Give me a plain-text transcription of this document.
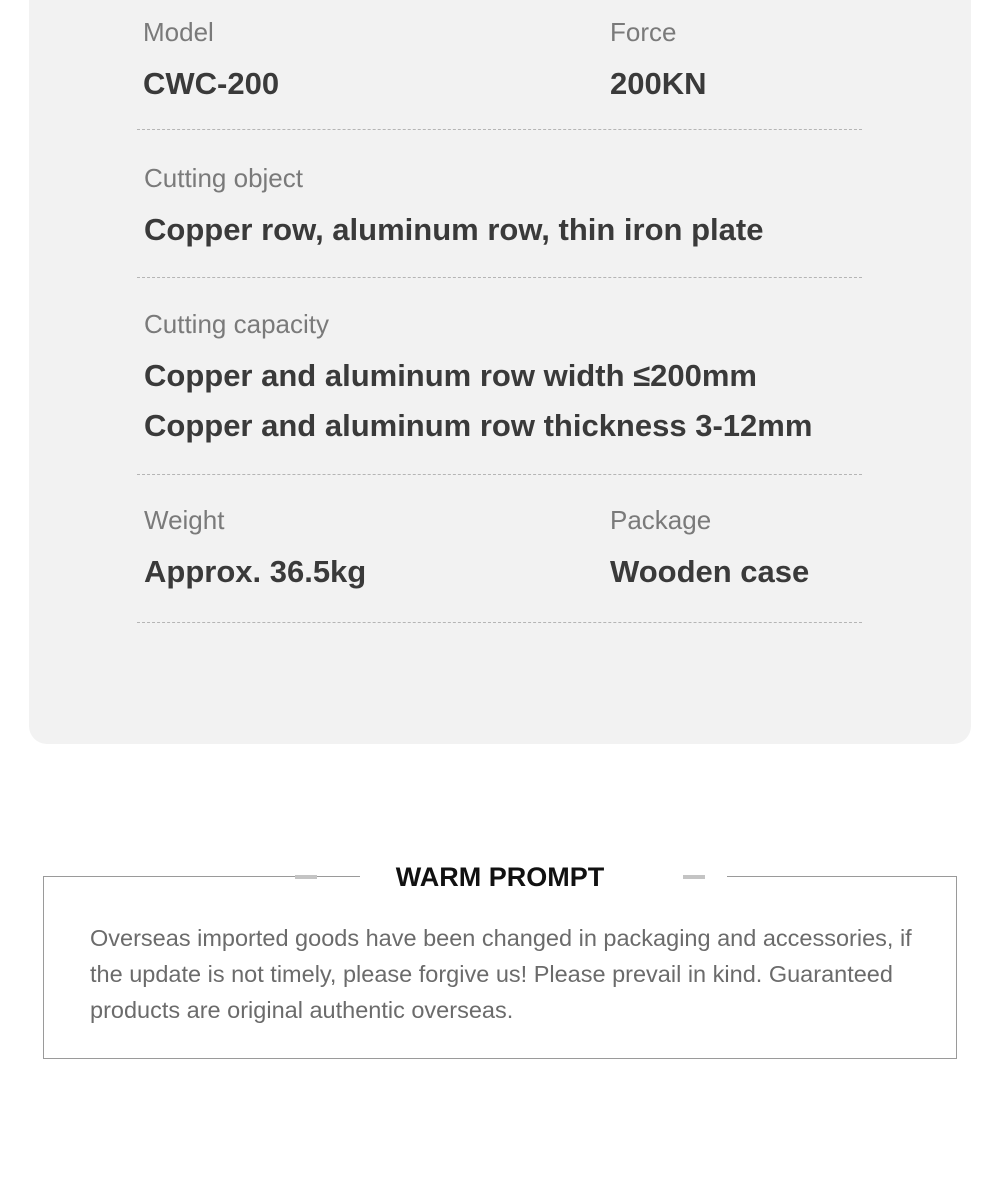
Model
CWC-200
Force
200KN
Cutting object
Copper row, aluminum row, thin iron plate
Cutting capacity
Copper and aluminum row width ≤200mm
Copper and aluminum row thickness 3-12mm
Weight
Approx. 36.5kg
Package
Wooden case
WARM PROMPT

Overseas imported goods have been changed in packaging and accessories, if the update is not timely, please forgive us! Please prevail in kind. Guaranteed products are original authentic overseas.
